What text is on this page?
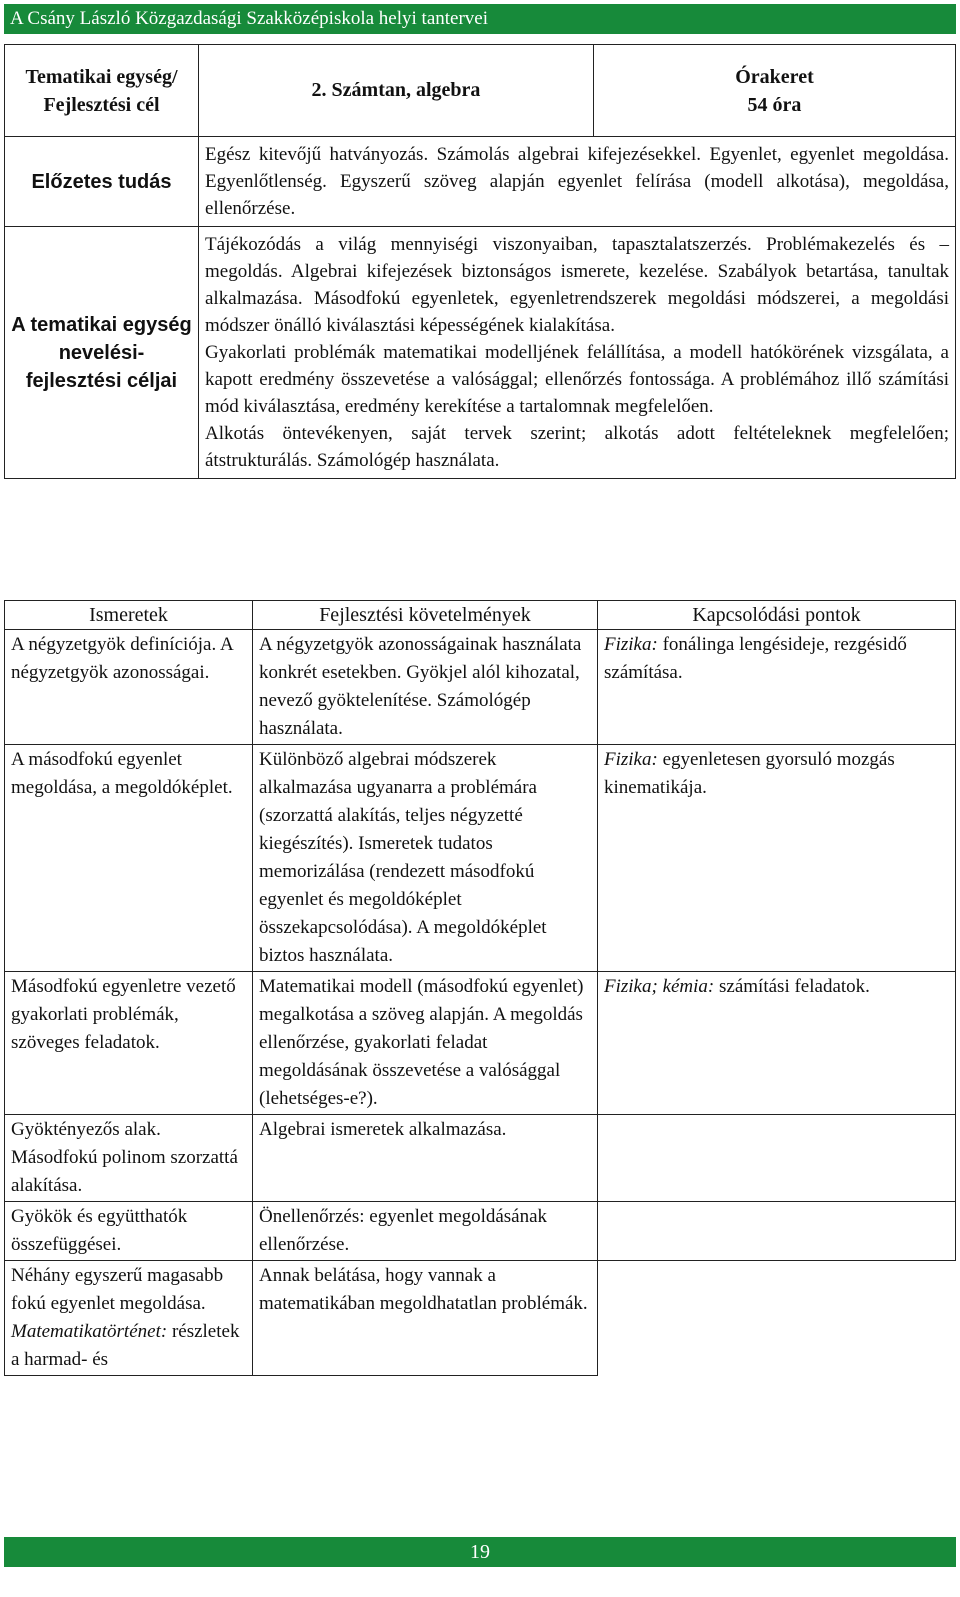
A Csány László Közgazdasági Szakközépiskola helyi tantervei
Tematikai egység/ Fejlesztési cél	2. Számtan, algebra	Órakeret
54 óra

Előzetes tudás	Egész kitevőjű hatványozás. Számolás algebrai kifejezésekkel. Egyenlet, egyenlet megoldása. Egyenlőtlenség. Egyszerű szöveg alapján egyenlet felírása (modell alkotása), megoldása, ellenőrzése.	
A tematikai egység nevelési-fejlesztési céljai	Tájékozódás a világ mennyiségi viszonyaiban, tapasztalatszerzés. Problémakezelés és –megoldás. Algebrai kifejezések biztonságos ismerete, kezelése. Szabályok betartása, tanultak alkalmazása. Másodfokú egyenletek, egyenletrendszerek megoldási módszerei, a megoldási módszer önálló kiválasztási képességének kialakítása.

Gyakorlati problémák matematikai modelljének felállítása, a modell hatókörének vizsgálata, a kapott eredmény összevetése a valósággal; ellenőrzés fontossága. A problémához illő számítási mód kiválasztása, eredmény kerekítése a tartalomnak megfelelően.

Alkotás öntevékenyen, saját tervek szerint; alkotás adott feltételeknek megfelelően; átstrukturálás. Számológép használata.	

Ismeretek	Fejlesztési követelmények	Kapcsolódási pontok
A négyzetgyök definíciója. A négyzetgyök azonosságai.	A négyzetgyök azonosságainak használata konkrét esetekben. Gyökjel alól kihozatal, nevező gyöktelenítése. Számológép használata.	Fizika: fonálinga lengésideje, rezgésidő számítása.
A másodfokú egyenlet megoldása, a megoldóképlet.	Különböző algebrai módszerek alkalmazása ugyanarra a problémára (szorzattá alakítás, teljes négyzetté kiegészítés). Ismeretek tudatos memorizálása (rendezett másodfokú egyenlet és megoldóképlet összekapcsolódása). A megoldóképlet biztos használata.	Fizika: egyenletesen gyorsuló mozgás kinematikája.
Másodfokú egyenletre vezető gyakorlati problémák, szöveges feladatok.	Matematikai modell (másodfokú egyenlet) megalkotása a szöveg alapján. A megoldás ellenőrzése, gyakorlati feladat megoldásának összevetése a valósággal (lehetséges-e?).	Fizika; kémia: számítási feladatok.
Gyöktényezős alak. Másodfokú polinom szorzattá alakítása.	Algebrai ismeretek alkalmazása.	
Gyökök és együtthatók összefüggései.	Önellenőrzés: egyenlet megoldásának ellenőrzése.	
Néhány egyszerű magasabb fokú egyenlet megoldása. Matematikatörténet: részletek a harmad- és	Annak belátása, hogy vannak a matematikában megoldhatatlan problémák.	
19
